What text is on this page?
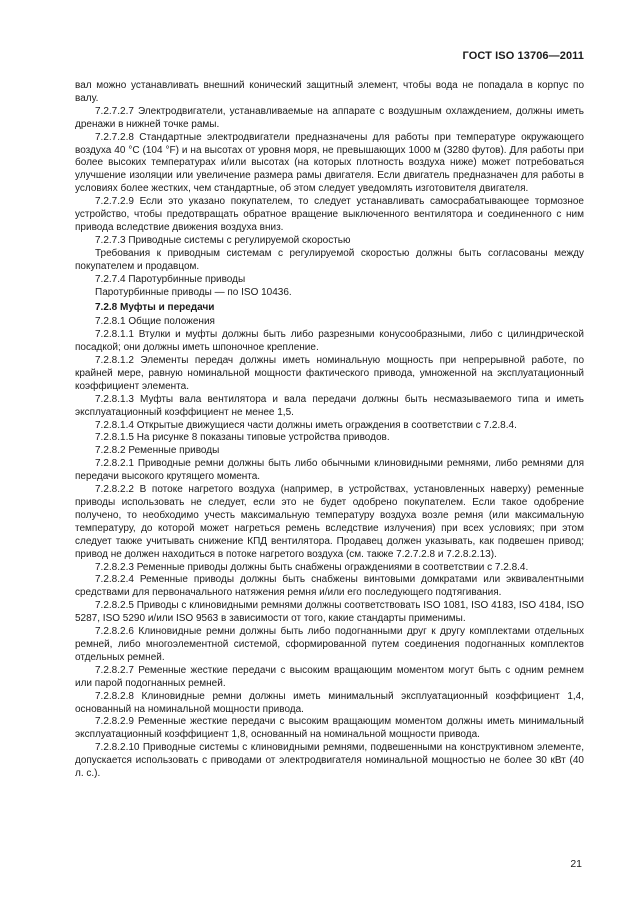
ГОСТ ISO 13706—2011

вал можно устанавливать внешний конический защитный элемент, чтобы вода не попадала в корпус по валу.

7.2.7.2.7 Электродвигатели, устанавливаемые на аппарате с воздушным охлаждением, должны иметь дренажи в нижней точке рамы.

7.2.7.2.8 Стандартные электродвигатели предназначены для работы при температуре окружающего воздуха 40 °С (104 °F) и на высотах от уровня моря, не превышающих 1000 м (3280 футов). Для работы при более высоких температурах и/или высотах (на которых плотность воздуха ниже) может потребоваться улучшение изоляции или увеличение размера рамы двигателя. Если двигатель предназначен для работы в условиях более жестких, чем стандартные, об этом следует уведомлять изготовителя двигателя.

7.2.7.2.9 Если это указано покупателем, то следует устанавливать самосрабатывающее тормозное устройство, чтобы предотвращать обратное вращение выключенного вентилятора и соединенного с ним привода вследствие движения воздуха вниз.

7.2.7.3 Приводные системы с регулируемой скоростью

Требования к приводным системам с регулируемой скоростью должны быть согласованы между покупателем и продавцом.

7.2.7.4 Паротурбинные приводы

Паротурбинные приводы — по ISO 10436.

7.2.8 Муфты и передачи

7.2.8.1 Общие положения

7.2.8.1.1 Втулки и муфты должны быть либо разрезными конусообразными, либо с цилиндрической посадкой; они должны иметь шпоночное крепление.

7.2.8.1.2 Элементы передач должны иметь номинальную мощность при непрерывной работе, по крайней мере, равную номинальной мощности фактического привода, умноженной на эксплуатационный коэффициент элемента.

7.2.8.1.3 Муфты вала вентилятора и вала передачи должны быть несмазываемого типа и иметь эксплуатационный коэффициент не менее 1,5.

7.2.8.1.4 Открытые движущиеся части должны иметь ограждения в соответствии с 7.2.8.4.

7.2.8.1.5 На рисунке 8 показаны типовые устройства приводов.

7.2.8.2 Ременные приводы

7.2.8.2.1 Приводные ремни должны быть либо обычными клиновидными ремнями, либо ремнями для передачи высокого крутящего момента.

7.2.8.2.2 В потоке нагретого воздуха (например, в устройствах, установленных наверху) ременные приводы использовать не следует, если это не будет одобрено покупателем. Если такое одобрение получено, то необходимо учесть максимальную температуру воздуха возле ремня (или максимальную температуру, до которой может нагреться ремень вследствие излучения) при всех условиях; при этом следует также учитывать снижение КПД вентилятора. Продавец должен указывать, как подвешен привод; привод не должен находиться в потоке нагретого воздуха (см. также 7.2.7.2.8 и 7.2.8.2.13).

7.2.8.2.3 Ременные приводы должны быть снабжены ограждениями в соответствии с 7.2.8.4.

7.2.8.2.4 Ременные приводы должны быть снабжены винтовыми домкратами или эквивалентными средствами для первоначального натяжения ремня и/или его последующего подтягивания.

7.2.8.2.5 Приводы с клиновидными ремнями должны соответствовать ISO 1081, ISO 4183, ISO 4184, ISO 5287, ISO 5290 и/или ISO 9563 в зависимости от того, какие стандарты применимы.

7.2.8.2.6 Клиновидные ремни должны быть либо подогнанными друг к другу комплектами отдельных ремней, либо многоэлементной системой, сформированной путем соединения подогнанных комплектов отдельных ремней.

7.2.8.2.7 Ременные жесткие передачи с высоким вращающим моментом могут быть с одним ремнем или парой подогнанных ремней.

7.2.8.2.8 Клиновидные ремни должны иметь минимальный эксплуатационный коэффициент 1,4, основанный на номинальной мощности привода.

7.2.8.2.9 Ременные жесткие передачи с высоким вращающим моментом должны иметь минимальный эксплуатационный коэффициент 1,8, основанный на номинальной мощности привода.

7.2.8.2.10 Приводные системы с клиновидными ремнями, подвешенными на конструктивном элементе, допускается использовать с приводами от электродвигателя номинальной мощностью не более 30 кВт (40 л. с.).

21
